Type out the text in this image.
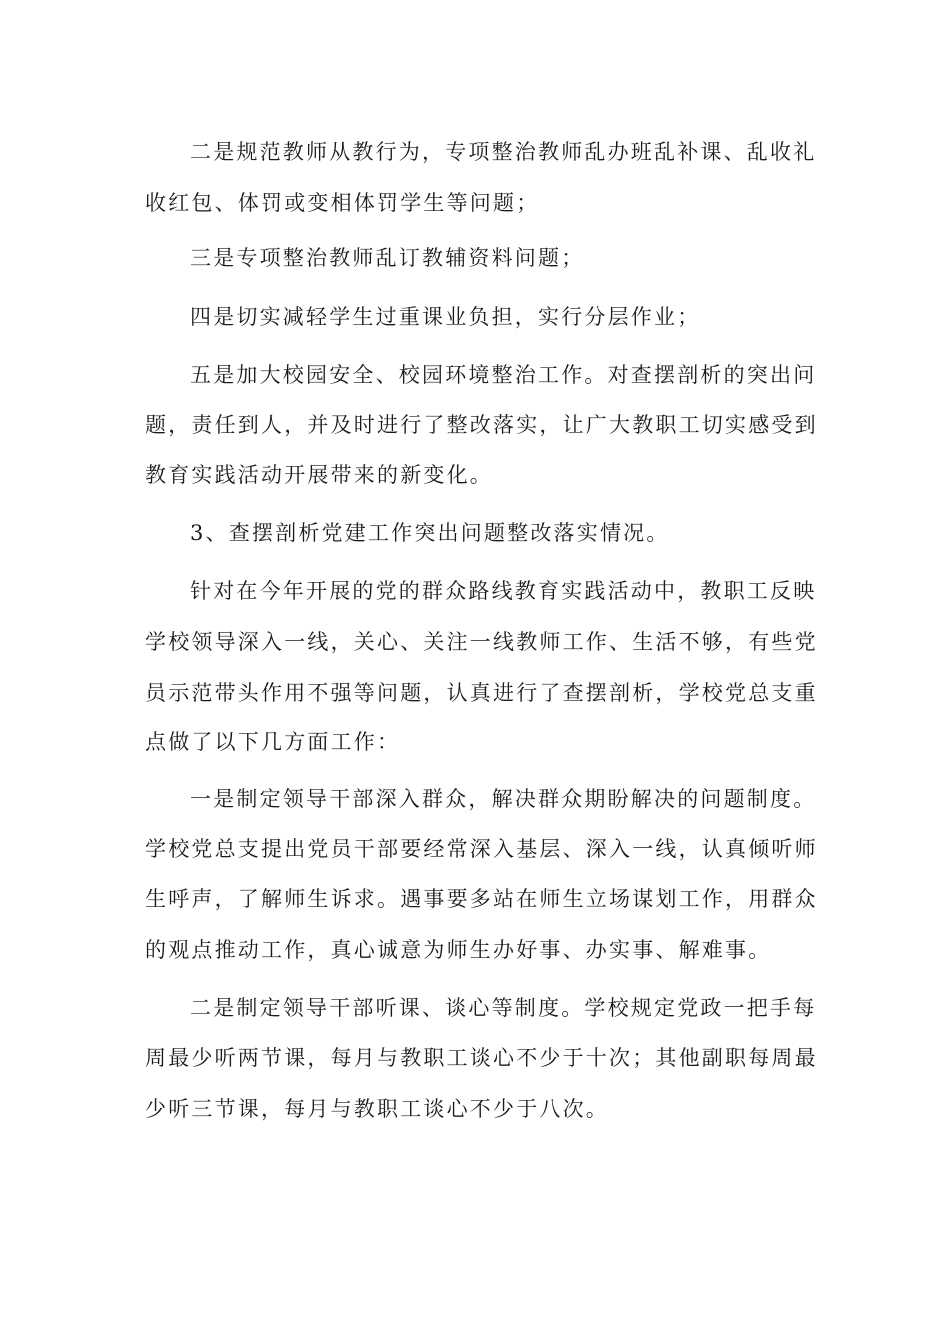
二是规范教师从教行为，专项整治教师乱办班乱补课、乱收礼
收红包、体罚或变相体罚学生等问题；
三是专项整治教师乱订教辅资料问题；
四是切实减轻学生过重课业负担，实行分层作业；
五是加大校园安全、校园环境整治工作。对查摆剖析的突出问
题，责任到人，并及时进行了整改落实，让广大教职工切实感受到
教育实践活动开展带来的新变化。
3、查摆剖析党建工作突出问题整改落实情况。
针对在今年开展的党的群众路线教育实践活动中，教职工反映
学校领导深入一线，关心、关注一线教师工作、生活不够，有些党
员示范带头作用不强等问题，认真进行了查摆剖析，学校党总支重
点做了以下几方面工作：
一是制定领导干部深入群众，解决群众期盼解决的问题制度。
学校党总支提出党员干部要经常深入基层、深入一线，认真倾听师
生呼声，了解师生诉求。遇事要多站在师生立场谋划工作，用群众
的观点推动工作，真心诚意为师生办好事、办实事、解难事。
二是制定领导干部听课、谈心等制度。学校规定党政一把手每
周最少听两节课，每月与教职工谈心不少于十次；其他副职每周最
少听三节课，每月与教职工谈心不少于八次。
